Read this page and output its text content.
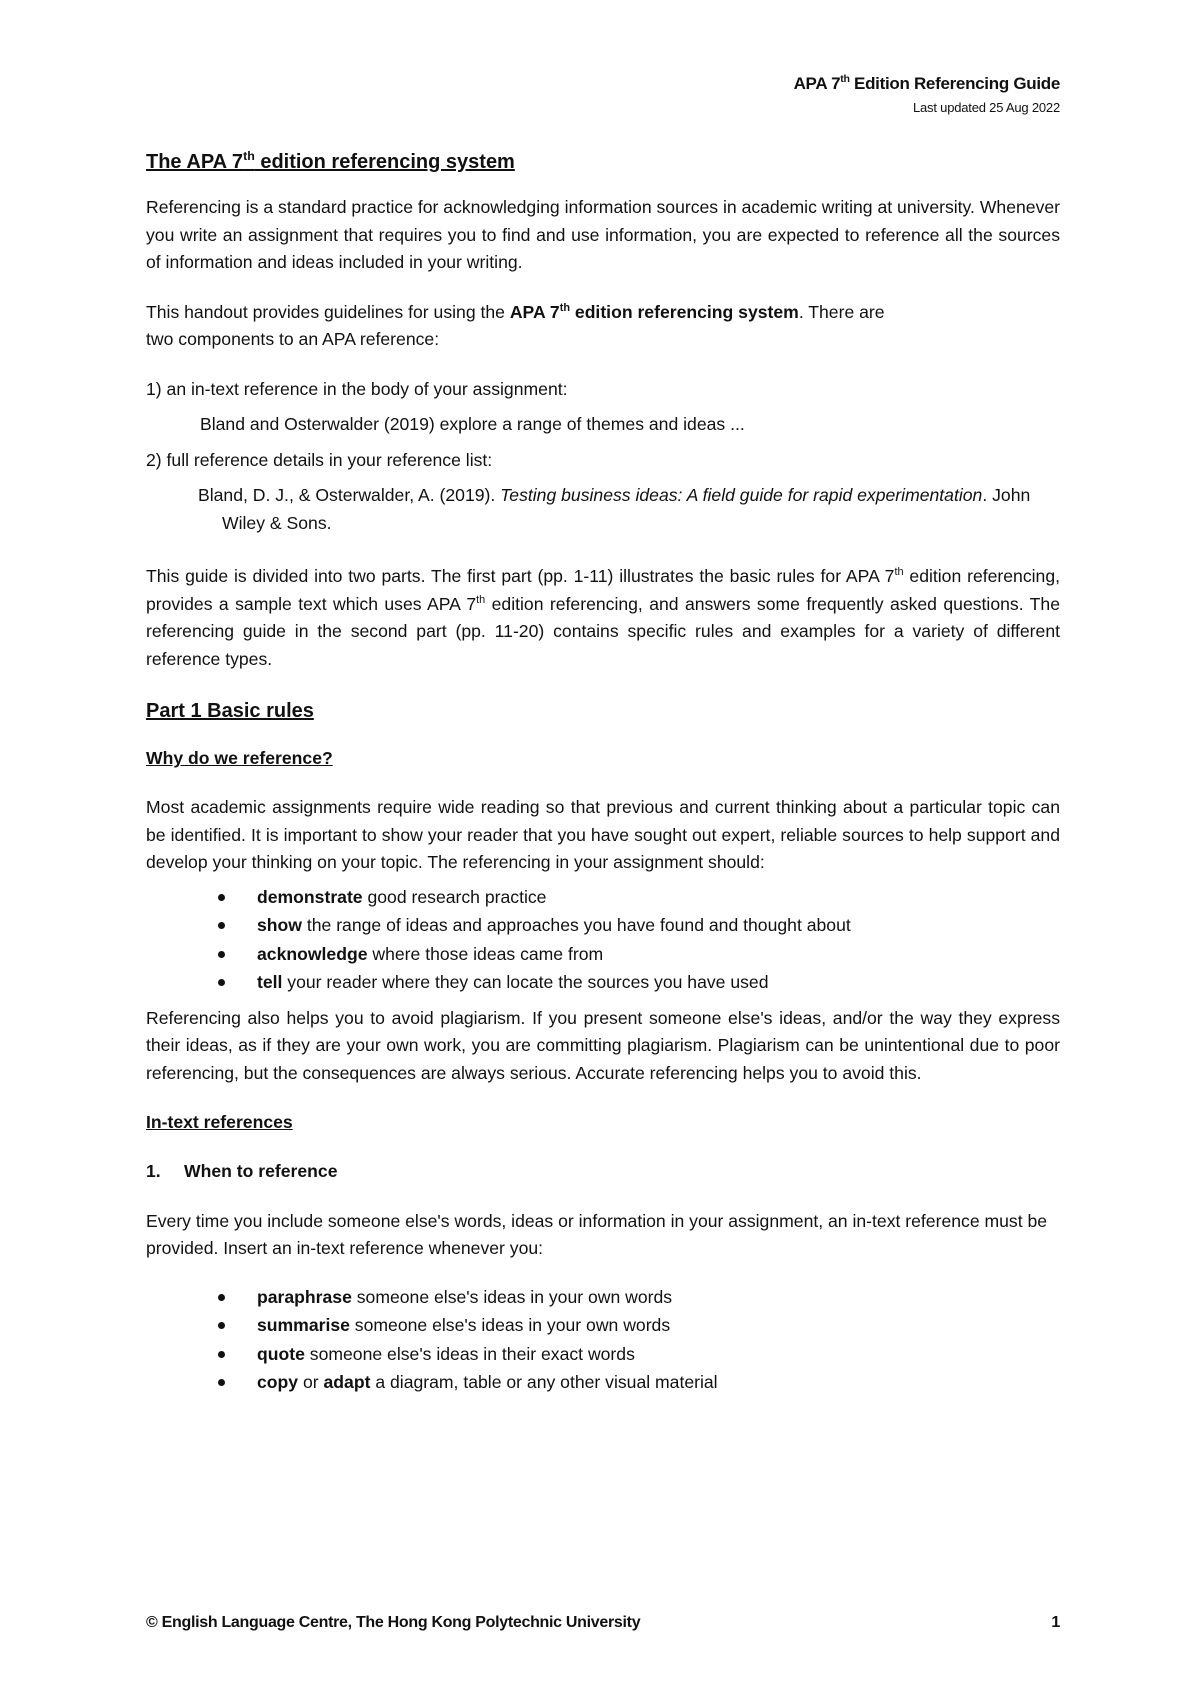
APA 7th Edition Referencing Guide
Last updated 25 Aug 2022
The APA 7th edition referencing system

Referencing is a standard practice for acknowledging information sources in academic writing at university. Whenever you write an assignment that requires you to find and use information, you are expected to reference all the sources of information and ideas included in your writing.

This handout provides guidelines for using the APA 7th edition referencing system. There are
two components to an APA reference:

1) an in-text reference in the body of your assignment:

Bland and Osterwalder (2019) explore a range of themes and ideas ...

2) full reference details in your reference list:

Bland, D. J., & Osterwalder, A. (2019). Testing business ideas: A field guide for rapid experimentation. John Wiley & Sons.

This guide is divided into two parts. The first part (pp. 1-11) illustrates the basic rules for APA 7th edition referencing, provides a sample text which uses APA 7th edition referencing, and answers some frequently asked questions. The referencing guide in the second part (pp. 11-20) contains specific rules and examples for a variety of different reference types.

Part 1 Basic rules
Why do we reference?

Most academic assignments require wide reading so that previous and current thinking about a particular topic can be identified. It is important to show your reader that you have sought out expert, reliable sources to help support and develop your thinking on your topic. The referencing in your assignment should:

demonstrate good research practice
show the range of ideas and approaches you have found and thought about
acknowledge where those ideas came from
tell your reader where they can locate the sources you have used

Referencing also helps you to avoid plagiarism. If you present someone else's ideas, and/or the way they express their ideas, as if they are your own work, you are committing plagiarism. Plagiarism can be unintentional due to poor referencing, but the consequences are always serious. Accurate referencing helps you to avoid this.

In-text references

1. When to reference

Every time you include someone else's words, ideas or information in your assignment, an in-text reference must be provided. Insert an in-text reference whenever you:

paraphrase someone else's ideas in your own words
summarise someone else's ideas in your own words
quote someone else's ideas in their exact words
copy or adapt a diagram, table or any other visual material
© English Language Centre, The Hong Kong Polytechnic University	1
